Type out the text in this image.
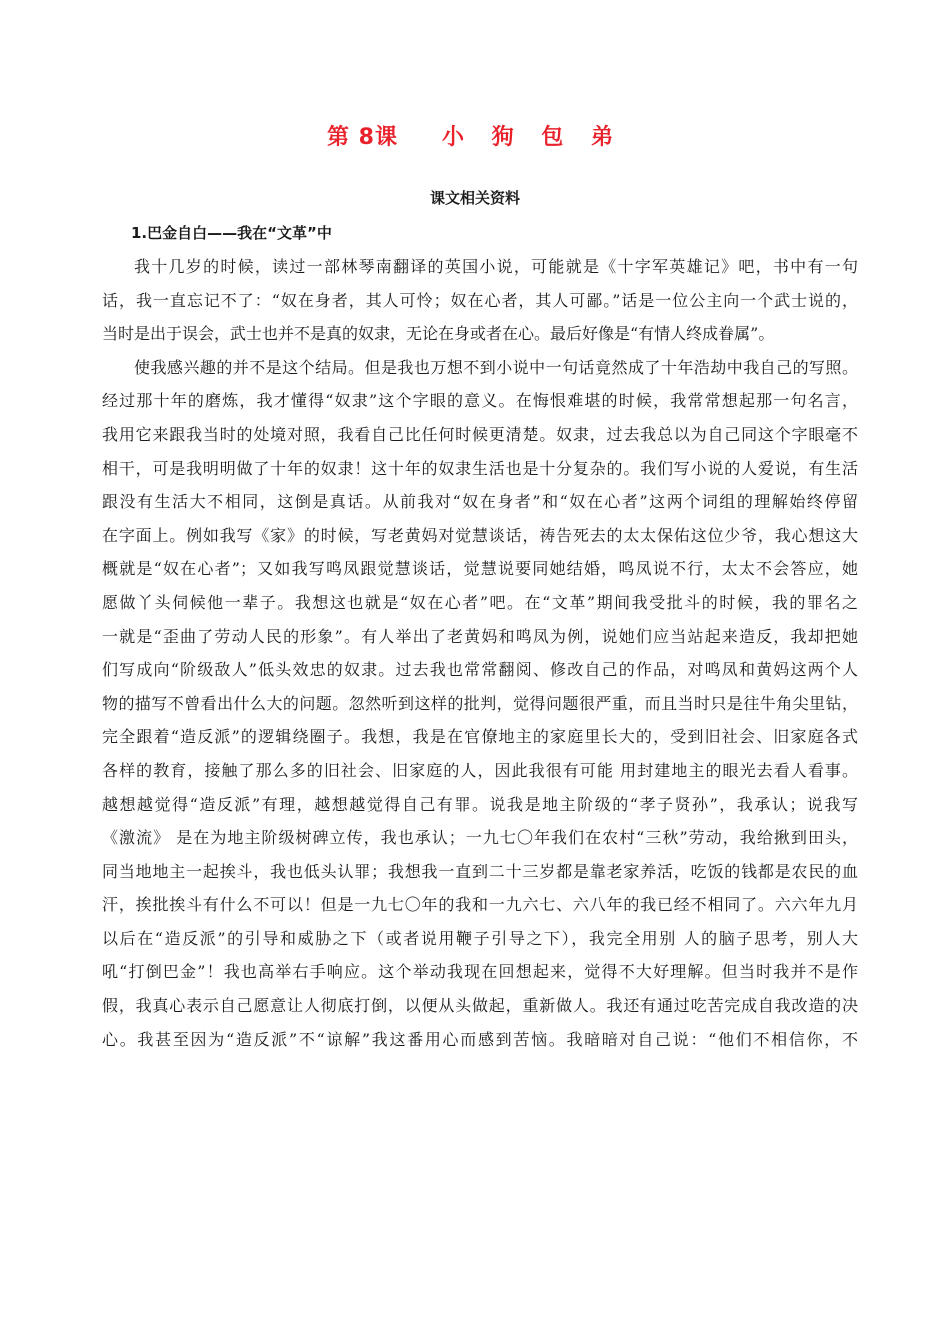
第 8课 小 狗 包 弟
课文相关资料
1.巴金自白——我在“文革”中
我十几岁的时候，读过一部林琴南翻译的英国小说，可能就是《十字军英雄记》吧，书中有一句
话，我一直忘记不了：“奴在身者，其人可怜；奴在心者，其人可鄙。”话是一位公主向一个武士说的，
当时是出于误会，武士也并不是真的奴隶，无论在身或者在心。最后好像是“有情人终成眷属”。
使我感兴趣的并不是这个结局。但是我也万想不到小说中一句话竟然成了十年浩劫中我自己的写照。
经过那十年的磨炼，我才懂得“奴隶”这个字眼的意义。在悔恨难堪的时候，我常常想起那一句名言，
我用它来跟我当时的处境对照，我看自己比任何时候更清楚。奴隶，过去我总以为自己同这个字眼毫不
相干，可是我明明做了十年的奴隶！这十年的奴隶生活也是十分复杂的。我们写小说的人爱说，有生活
跟没有生活大不相同，这倒是真话。从前我对“奴在身者”和“奴在心者”这两个词组的理解始终停留
在字面上。例如我写《家》的时候，写老黄妈对觉慧谈话，祷告死去的太太保佑这位少爷，我心想这大
概就是“奴在心者”；又如我写鸣凤跟觉慧谈话，觉慧说要同她结婚，鸣凤说不行，太太不会答应，她
愿做丫头伺候他一辈子。我想这也就是“奴在心者”吧。在“文革”期间我受批斗的时候，我的罪名之
一就是“歪曲了劳动人民的形象”。有人举出了老黄妈和鸣凤为例，说她们应当站起来造反，我却把她
们写成向“阶级敌人”低头效忠的奴隶。过去我也常常翻阅、修改自己的作品，对鸣凤和黄妈这两个人
物的描写不曾看出什么大的问题。忽然听到这样的批判，觉得问题很严重，而且当时只是往牛角尖里钻，
完全跟着“造反派”的逻辑绕圈子。我想，我是在官僚地主的家庭里长大的，受到旧社会、旧家庭各式
各样的教育，接触了那么多的旧社会、旧家庭的人，因此我很有可能 用封建地主的眼光去看人看事。
越想越觉得“造反派”有理，越想越觉得自己有罪。说我是地主阶级的“孝子贤孙”，我承认；说我写
《激流》 是在为地主阶级树碑立传，我也承认；一九七〇年我们在农村“三秋”劳动，我给揪到田头，
同当地地主一起挨斗，我也低头认罪；我想我一直到二十三岁都是靠老家养活，吃饭的钱都是农民的血
汗，挨批挨斗有什么不可以！但是一九七〇年的我和一九六七、六八年的我已经不相同了。六六年九月
以后在“造反派”的引导和威胁之下（或者说用鞭子引导之下），我完全用别 人的脑子思考，别人大
吼“打倒巴金”！我也高举右手响应。这个举动我现在回想起来，觉得不大好理解。但当时我并不是作
假，我真心表示自己愿意让人彻底打倒，以便从头做起，重新做人。我还有通过吃苦完成自我改造的决
心。我甚至因为“造反派”不“谅解”我这番用心而感到苦恼。我暗暗对自己说：“他们不相信你，不
